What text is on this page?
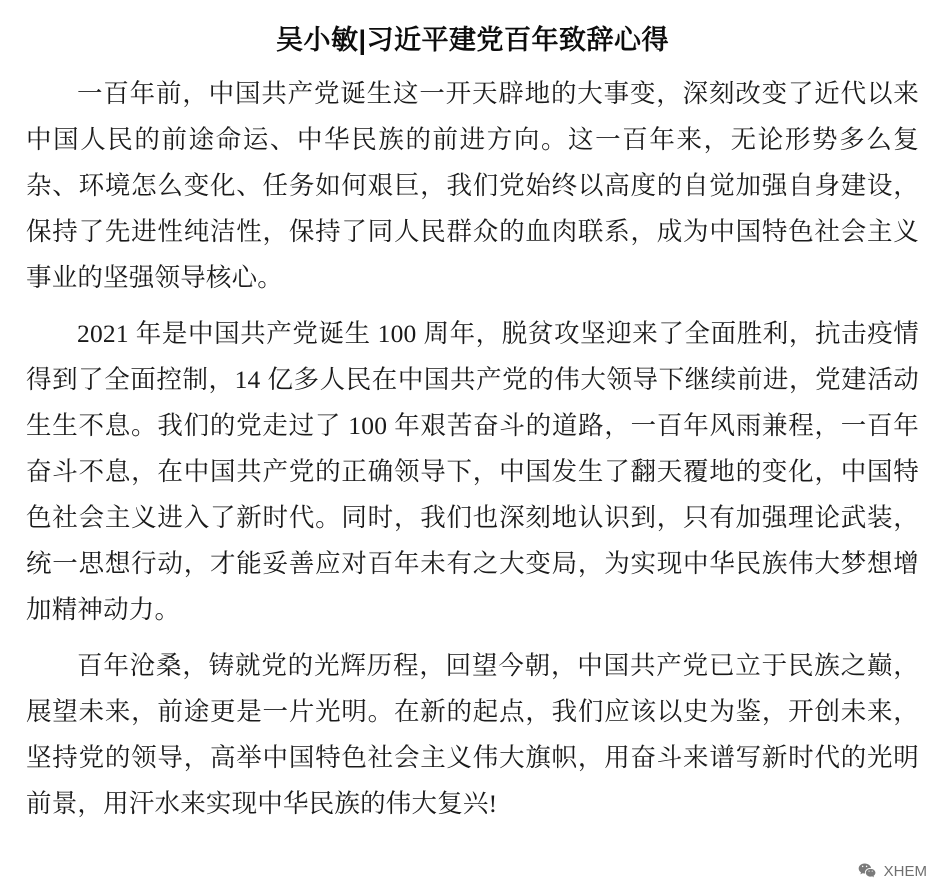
吴小敏|习近平建党百年致辞心得

一百年前，中国共产党诞生这一开天辟地的大事变，深刻改变了近代以来中国人民的前途命运、中华民族的前进方向。这一百年来，无论形势多么复杂、环境怎么变化、任务如何艰巨，我们党始终以高度的自觉加强自身建设，保持了先进性纯洁性，保持了同人民群众的血肉联系，成为中国特色社会主义事业的坚强领导核心。

2021 年是中国共产党诞生 100 周年，脱贫攻坚迎来了全面胜利，抗击疫情得到了全面控制，14 亿多人民在中国共产党的伟大领导下继续前进，党建活动生生不息。我们的党走过了 100 年艰苦奋斗的道路，一百年风雨兼程，一百年奋斗不息，在中国共产党的正确领导下，中国发生了翻天覆地的变化，中国特色社会主义进入了新时代。同时，我们也深刻地认识到，只有加强理论武装，统一思想行动，才能妥善应对百年未有之大变局，为实现中华民族伟大梦想增加精神动力。

百年沧桑，铸就党的光辉历程，回望今朝，中国共产党已立于民族之巅，展望未来，前途更是一片光明。在新的起点，我们应该以史为鉴，开创未来，坚持党的领导，高举中国特色社会主义伟大旗帜，用奋斗来谱写新时代的光明前景，用汗水来实现中华民族的伟大复兴!

XHEM
